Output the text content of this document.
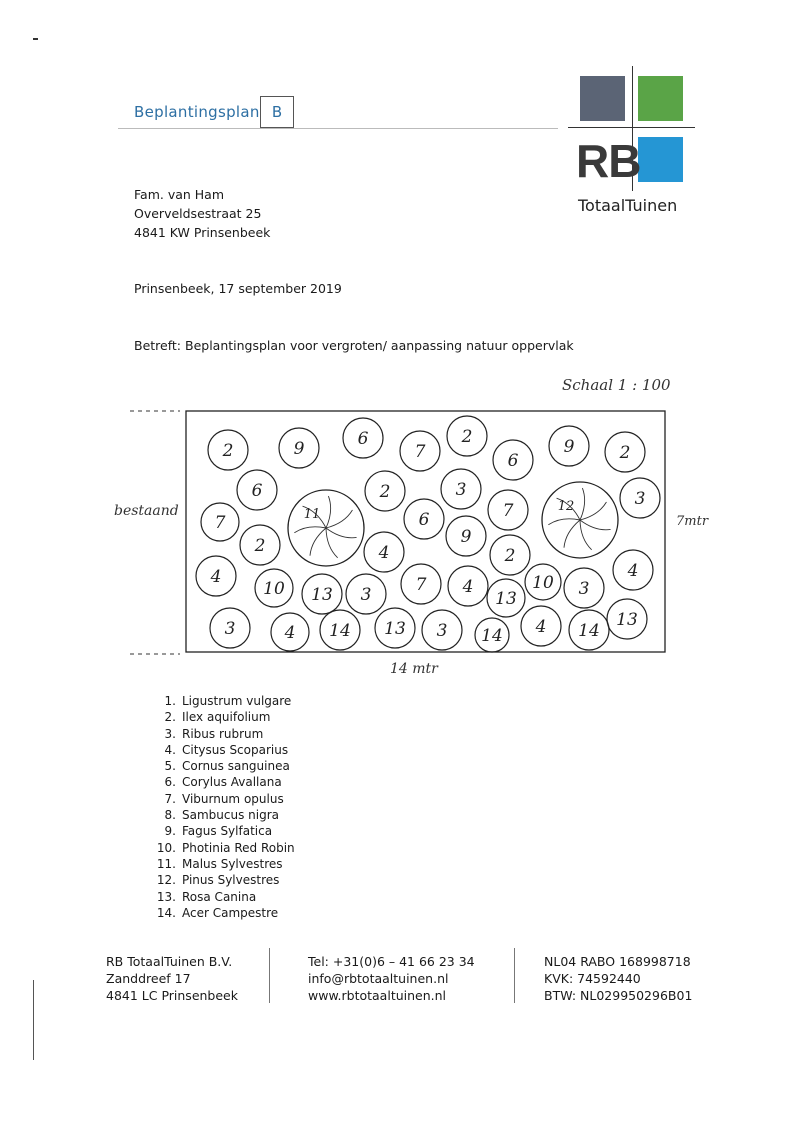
Beplantingsplan B
RB
TotaalTuinen
Fam. van Ham
Overveldsestraat 25
4841 KW Prinsenbeek
Prinsenbeek, 17 september 2019
Betreft: Beplantingsplan voor vergroten/ aanpassing natuur oppervlak
Schaal 1 : 100
bestaand
7mtr
14 mtr
2	9	6
7
2
6
9	2
6	2	3	3
7
7
6
9
2	4	2
4
10 13 3	7 4
13
10 3
4
3	4 14 13 3 14 4 14
13
11
12
1. Ligustrum vulgare
2. Ilex aquifolium
3. Ribus rubrum
4. Citysus Scoparius
5. Cornus sanguinea
6. Corylus Avallana
7. Viburnum opulus
8. Sambucus nigra
9. Fagus Sylfatica
10. Photinia Red Robin
11. Malus Sylvestres
12. Pinus Sylvestres
13. Rosa Canina
14. Acer Campestre
RB TotaalTuinen B.V.
Zanddreef 17
4841 LC Prinsenbeek
Tel: +31(0)6 – 41 66 23 34
info@rbtotaaltuinen.nl
www.rbtotaaltuinen.nl
NL04 RABO 168998718
KVK: 74592440
BTW: NL029950296B01
